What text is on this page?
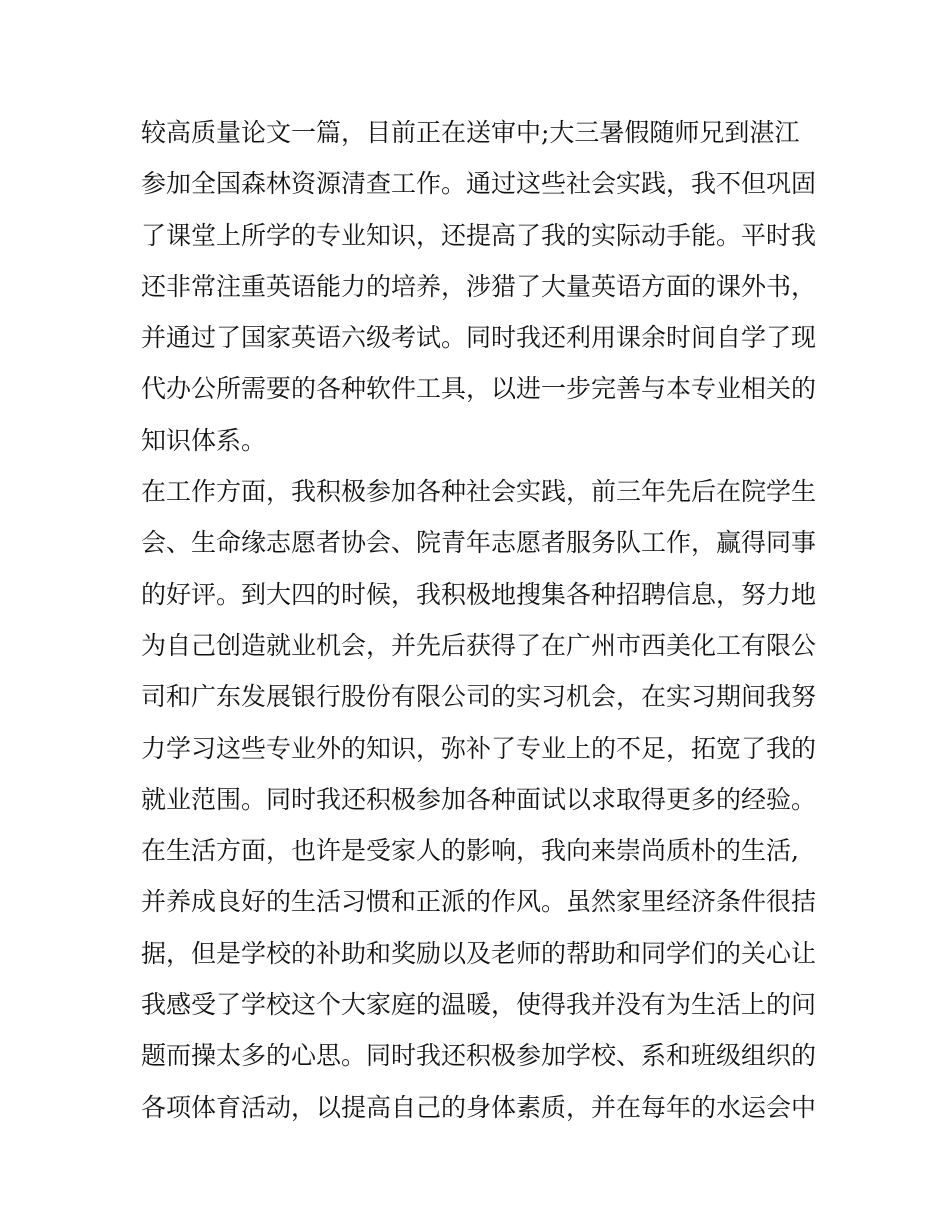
较高质量论文一篇，目前正在送审中;大三暑假随师兄到湛江
参加全国森林资源清查工作。通过这些社会实践，我不但巩固
了课堂上所学的专业知识，还提高了我的实际动手能。平时我
还非常注重英语能力的培养，涉猎了大量英语方面的课外书，
并通过了国家英语六级考试。同时我还利用课余时间自学了现
代办公所需要的各种软件工具，以进一步完善与本专业相关的
知识体系。
在工作方面，我积极参加各种社会实践，前三年先后在院学生
会、生命缘志愿者协会、院青年志愿者服务队工作，赢得同事
的好评。到大四的时候，我积极地搜集各种招聘信息，努力地
为自己创造就业机会，并先后获得了在广州市西美化工有限公
司和广东发展银行股份有限公司的实习机会，在实习期间我努
力学习这些专业外的知识，弥补了专业上的不足，拓宽了我的
就业范围。同时我还积极参加各种面试以求取得更多的经验。
在生活方面，也许是受家人的影响，我向来崇尚质朴的生活,
并养成良好的生活习惯和正派的作风。虽然家里经济条件很拮
据，但是学校的补助和奖励以及老师的帮助和同学们的关心让
我感受了学校这个大家庭的温暖，使得我并没有为生活上的问
题而操太多的心思。同时我还积极参加学校、系和班级组织的
各项体育活动，以提高自己的身体素质，并在每年的水运会中
